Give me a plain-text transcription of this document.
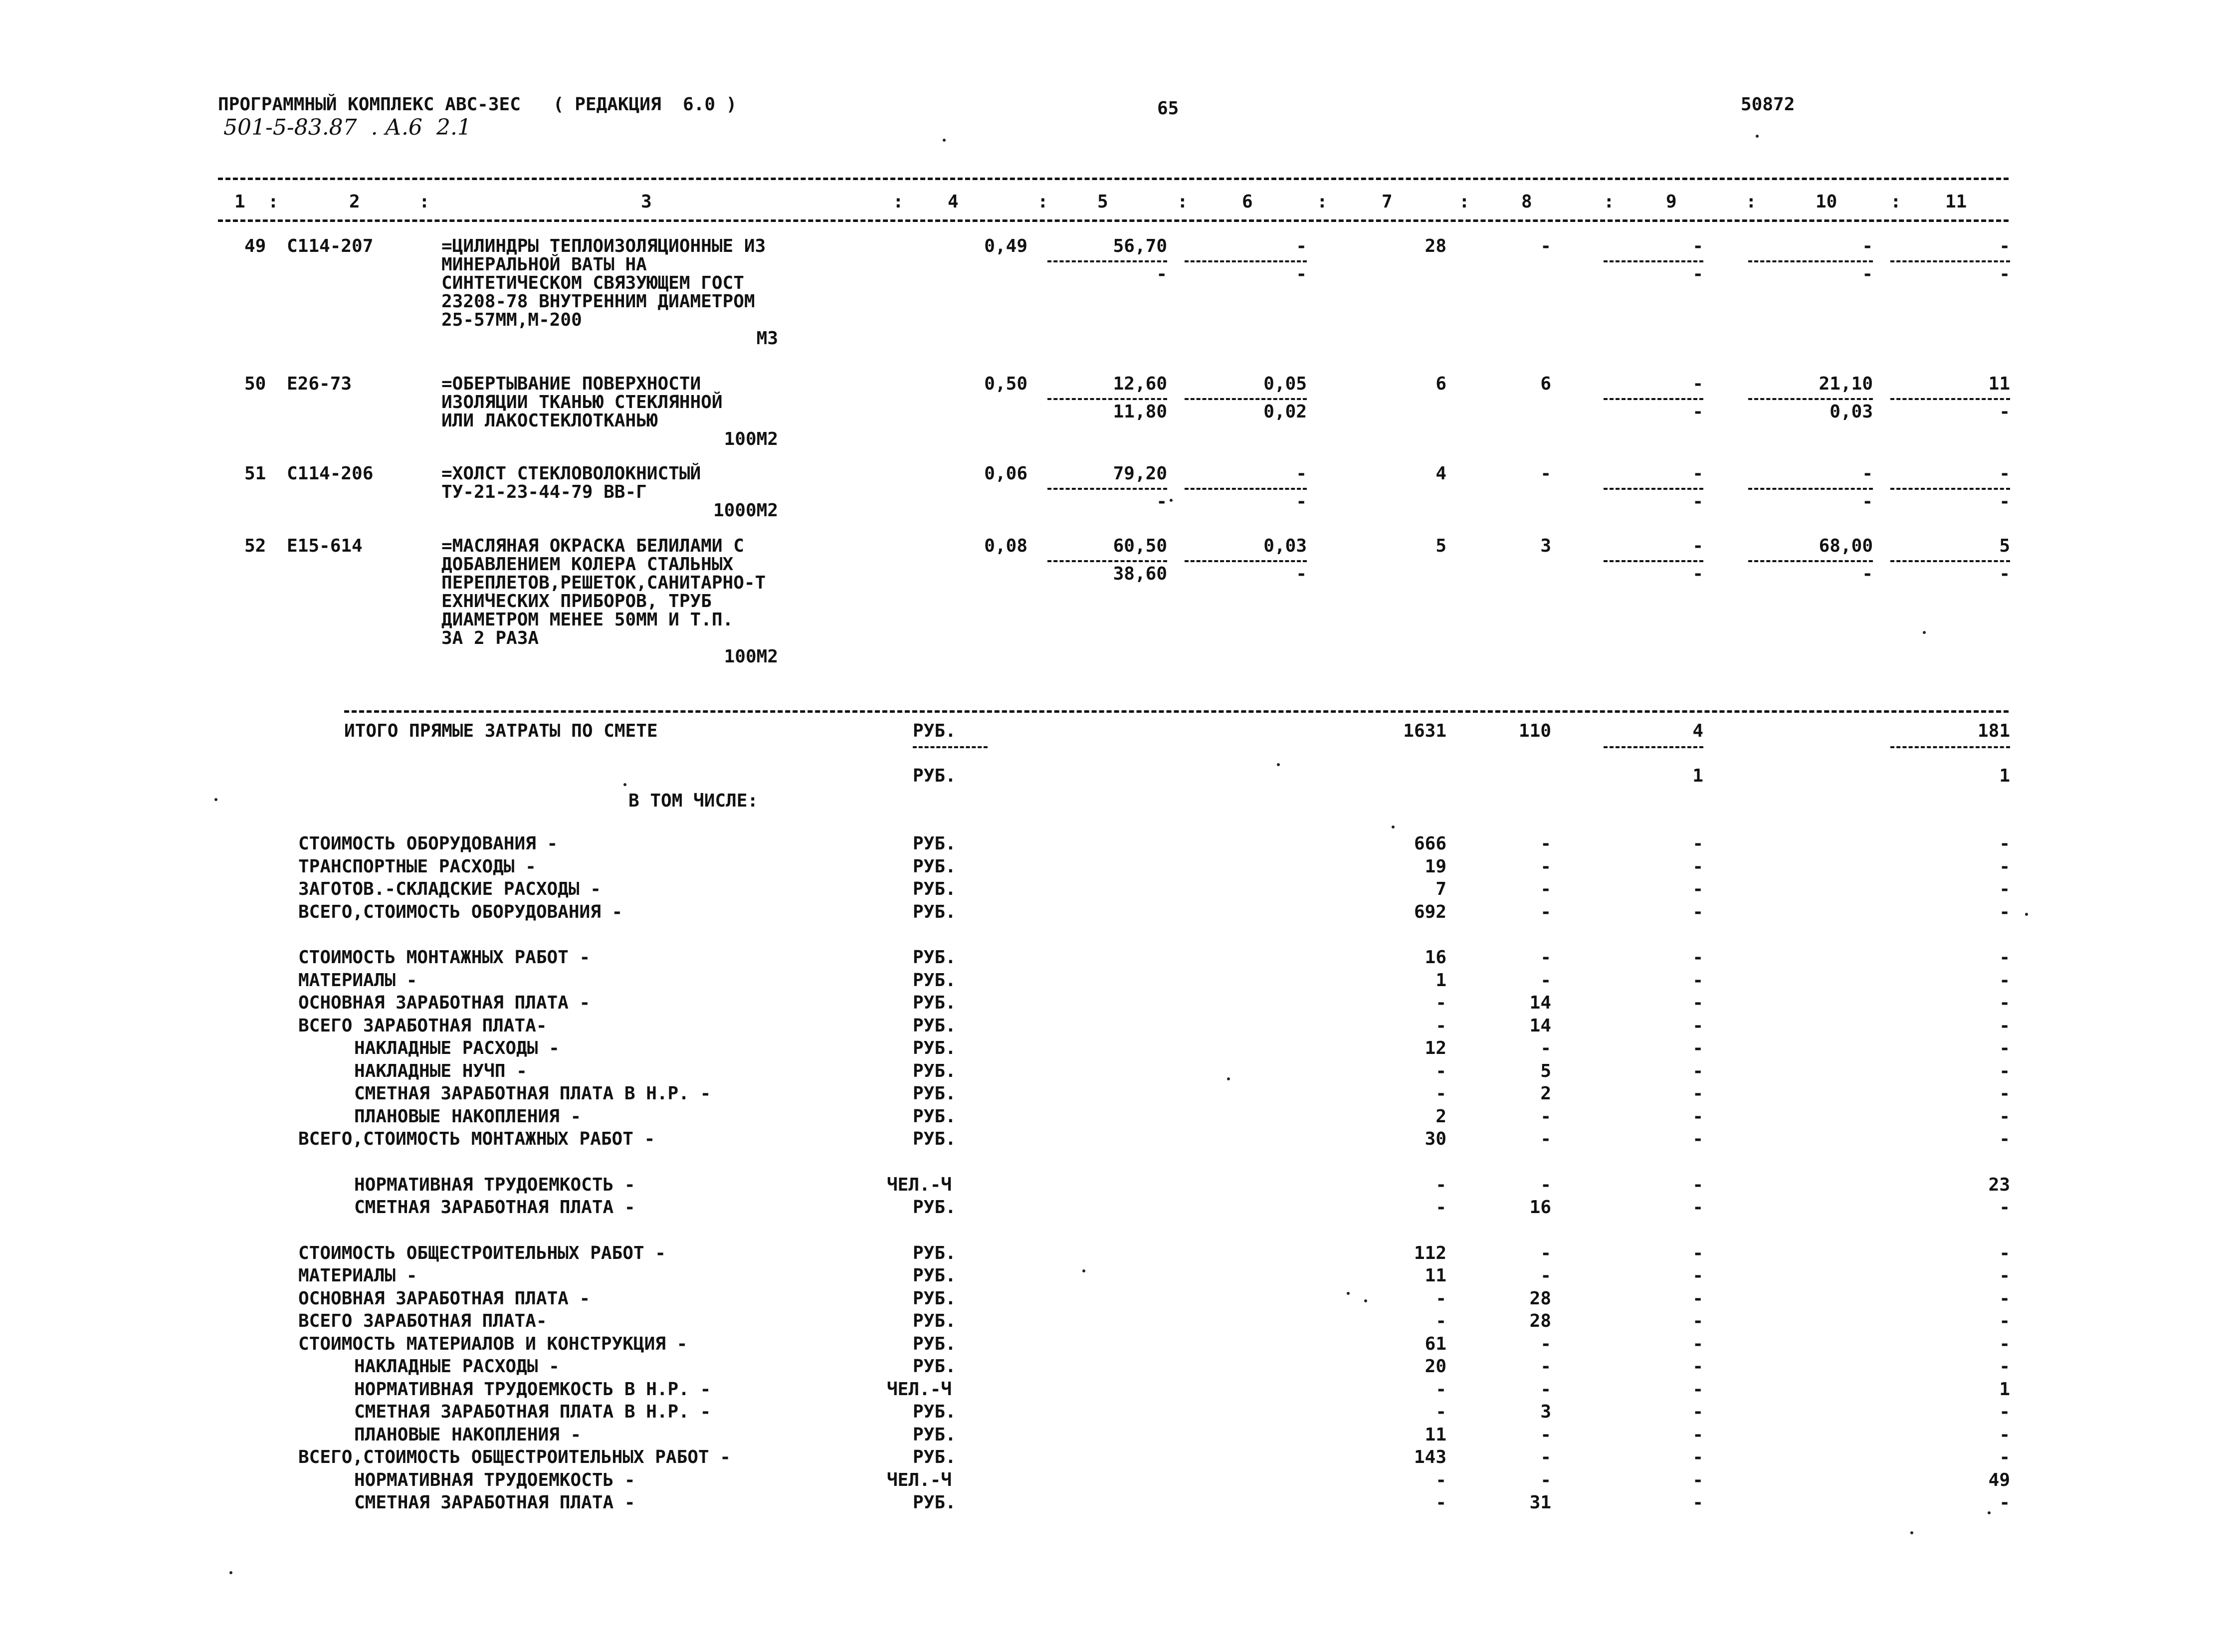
ПРОГРАММНЫЙ КОМПЛЕКС АВС-ЗЕС   ( РЕДАКЦИЯ  6.0 )	65	50872
501-5-83.87  . А.6  2.1
1	2	3	4	5	6	7	8	9	10	11
:	:	:	:	:	:	:	:	:	:
49 С114-207	=ЦИЛИНДРЫ ТЕПЛОИЗОЛЯЦИОННЫЕ ИЗ
МИНЕРАЛЬНОЙ ВАТЫ НА
СИНТЕТИЧЕСКОМ СВЯЗУЮЩЕМ ГОСТ
23208-78 ВНУТРЕННИМ ДИАМЕТРОМ
25-57ММ,М-200
М3
0,49	56,70	-	28	-	-	-	-
-	-	-	-	-
50 Е26-73	=ОБЕРТЫВАНИЕ ПОВЕРХНОСТИ
ИЗОЛЯЦИИ ТКАНЬЮ СТЕКЛЯННОЙ
ИЛИ ЛАКОСТЕКЛОТКАНЬЮ
100М2
0,50	12,60	0,05	6	6	-	21,10	11
11,80	0,02	-	0,03	-
51 С114-206	=ХОЛСТ СТЕКЛОВОЛОКНИСТЫЙ
ТУ-21-23-44-79 ВВ-Г
1000М2
0,06	79,20	-	4	-	-	-	-
-	-	-	-	-
52 Е15-614	=МАСЛЯНАЯ ОКРАСКА БЕЛИЛАМИ С
ДОБАВЛЕНИЕМ КОЛЕРА СТАЛЬНЫХ
ПЕРЕПЛЕТОВ,РЕШЕТОК,САНИТАРНО-Т
ЕХНИЧЕСКИХ ПРИБОРОВ, ТРУБ
ДИАМЕТРОМ МЕНЕЕ 50ММ И Т.П.
ЗА 2 РАЗА
100М2
0,08	60,50	0,03	5	3	-	68,00	5
38,60	-	-	-	-
ИТОГО ПРЯМЫЕ ЗАТРАТЫ ПО СМЕТЕ	РУБ.
РУБ.
1631	110	4	181
1	1
В ТОМ ЧИСЛЕ:
СТОИМОСТЬ ОБОРУДОВАНИЯ -	РУБ.	666	-	-	-
ТРАНСПОРТНЫЕ РАСХОДЫ -	РУБ.	19	-	-	-
ЗАГОТОВ.-СКЛАДСКИЕ РАСХОДЫ -	РУБ.	7	-	-	-
ВСЕГО,СТОИМОСТЬ ОБОРУДОВАНИЯ -	РУБ.	692	-	-	-
СТОИМОСТЬ МОНТАЖНЫХ РАБОТ -	РУБ.	16	-	-	-
МАТЕРИАЛЫ -	РУБ.	1	-	-	-
ОСНОВНАЯ ЗАРАБОТНАЯ ПЛАТА -	РУБ.	-	14	-	-
ВСЕГО ЗАРАБОТНАЯ ПЛАТА-	РУБ.	-	14	-	-
НАКЛАДНЫЕ РАСХОДЫ -	РУБ.	12	-	-	-
НАКЛАДНЫЕ НУЧП -	РУБ.	-	5	-	-
СМЕТНАЯ ЗАРАБОТНАЯ ПЛАТА В Н.Р. -	РУБ.	-	2	-	-
ПЛАНОВЫЕ НАКОПЛЕНИЯ -	РУБ.	2	-	-	-
ВСЕГО,СТОИМОСТЬ МОНТАЖНЫХ РАБОТ -	РУБ.	30	-	-	-
НОРМАТИВНАЯ ТРУДОЕМКОСТЬ -	ЧЕЛ.-Ч	-	-	-	23
СМЕТНАЯ ЗАРАБОТНАЯ ПЛАТА -	РУБ.	-	16	-	-
СТОИМОСТЬ ОБЩЕСТРОИТЕЛЬНЫХ РАБОТ -	РУБ.	112	-	-	-
МАТЕРИАЛЫ -	РУБ.	11	-	-	-
ОСНОВНАЯ ЗАРАБОТНАЯ ПЛАТА -	РУБ.	-	28	-	-
ВСЕГО ЗАРАБОТНАЯ ПЛАТА-	РУБ.	-	28	-	-
СТОИМОСТЬ МАТЕРИАЛОВ И КОНСТРУКЦИЯ -	РУБ.	61	-	-	-
НАКЛАДНЫЕ РАСХОДЫ -	РУБ.	20	-	-	-
НОРМАТИВНАЯ ТРУДОЕМКОСТЬ В Н.Р. -	ЧЕЛ.-Ч	-	-	-	1
СМЕТНАЯ ЗАРАБОТНАЯ ПЛАТА В Н.Р. -	РУБ.	-	3	-	-
ПЛАНОВЫЕ НАКОПЛЕНИЯ -	РУБ.	11	-	-	-
ВСЕГО,СТОИМОСТЬ ОБЩЕСТРОИТЕЛЬНЫХ РАБОТ -	РУБ.	143	-	-	-
НОРМАТИВНАЯ ТРУДОЕМКОСТЬ -	ЧЕЛ.-Ч	-	-	-	49
СМЕТНАЯ ЗАРАБОТНАЯ ПЛАТА -	РУБ.	-	31	-	-
